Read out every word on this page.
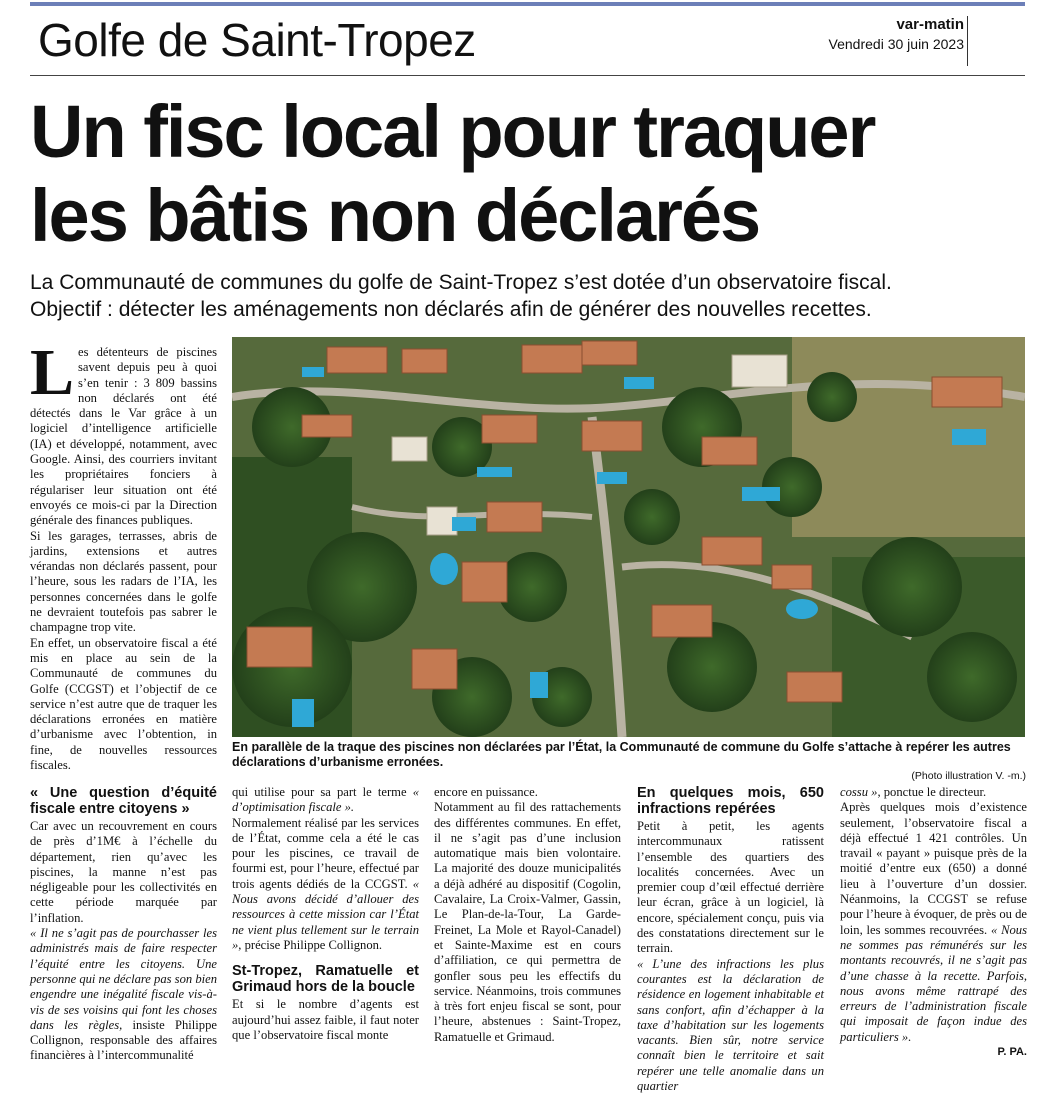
Golfe de Saint-Tropez	var-matin
Vendredi 30 juin 2023
Un fisc local pour traquer
les bâtis non déclarés
La Communauté de communes du golfe de Saint-Tropez s’est dotée d’un observatoire fiscal.
Objectif : détecter les aménagements non déclarés afin de générer des nouvelles recettes.
En parallèle de la traque des piscines non déclarées par l’État, la Communauté de commune du Golfe s’attache à repérer les autres déclarations d’urbanisme erronées.
(Photo illustration V. -m.)
L es détenteurs de piscines savent depuis peu à quoi s’en tenir : 3 809 bassins non déclarés ont été détectés dans le Var grâce à un logiciel d’intelligence artificielle (IA) et développé, notamment, avec Google. Ainsi, des courriers invitant les propriétaires fonciers à régulariser leur situation ont été envoyés ce mois-ci par la Direction générale des finances publiques.

Si les garages, terrasses, abris de jardins, extensions et autres vérandas non déclarés passent, pour l’heure, sous les radars de l’IA, les personnes concernées dans le golfe ne devraient toutefois pas sabrer le champagne trop vite.

En effet, un observatoire fiscal a été mis en place au sein de la Communauté de communes du Golfe (CCGST) et l’objectif de ce service n’est autre que de traquer les déclarations erronées en matière d’urbanisme avec l’obtention, in fine, de nouvelles ressources fiscales.

« Une question d’équité fiscale entre citoyens »

Car avec un recouvrement en cours de près d’1M€ à l’échelle du département, rien qu’avec les piscines, la manne n’est pas négligeable pour les collectivités en cette période marquée par l’inflation.

« Il ne s’agit pas de pourchasser les administrés mais de faire respecter l’équité entre les citoyens. Une personne qui ne déclare pas son bien engendre une inégalité fiscale vis-à-vis de ses voisins qui font les choses dans les règles, insiste Philippe Collignon, responsable des affaires financières à l’intercommunalité

qui utilise pour sa part le terme « d’optimisation fiscale ».

Normalement réalisé par les services de l’État, comme cela a été le cas pour les piscines, ce travail de fourmi est, pour l’heure, effectué par trois agents dédiés de la CCGST. « Nous avons décidé d’allouer des ressources à cette mission car l’État ne vient plus tellement sur le terrain », précise Philippe Collignon.

St-Tropez, Ramatuelle et Grimaud hors de la boucle

Et si le nombre d’agents est aujourd’hui assez faible, il faut noter que l’observatoire fiscal monte

encore en puissance.

Notamment au fil des rattachements des différentes communes. En effet, il ne s’agit pas d’une inclusion automatique mais bien volontaire. La majorité des douze municipalités a déjà adhéré au dispositif (Cogolin, Cavalaire, La Croix-Valmer, Gassin, Le Plan-de-la-Tour, La Garde-Freinet, La Mole et Rayol-Canadel) et Sainte-Maxime est en cours d’affiliation, ce qui permettra de gonfler sous peu les effectifs du service. Néanmoins, trois communes à très fort enjeu fiscal se sont, pour l’heure, abstenues : Saint-Tropez, Ramatuelle et Grimaud.

En quelques mois, 650 infractions repérées

Petit à petit, les agents intercommunaux ratissent l’ensemble des quartiers des localités concernées. Avec un premier coup d’œil effectué derrière leur écran, grâce à un logiciel, là encore, spécialement conçu, puis via des constatations directement sur le terrain.

« L’une des infractions les plus courantes est la déclaration de résidence en logement inhabitable et sans confort, afin d’échapper à la taxe d’habitation sur les logements vacants. Bien sûr, notre service connaît bien le territoire et sait repérer une telle anomalie dans un quartier

cossu », ponctue le directeur.

Après quelques mois d’existence seulement, l’observatoire fiscal a déjà effectué 1 421 contrôles. Un travail « payant » puisque près de la moitié d’entre eux (650) a donné lieu à l’ouverture d’un dossier. Néanmoins, la CCGST se refuse pour l’heure à évoquer, de près ou de loin, les sommes recouvrées. « Nous ne sommes pas rémunérés sur les montants recouvrés, il ne s’agit pas d’une chasse à la recette. Parfois, nous avons même rattrapé des erreurs de l’administration fiscale qui imposait de façon indue des particuliers ».

P. PA.
